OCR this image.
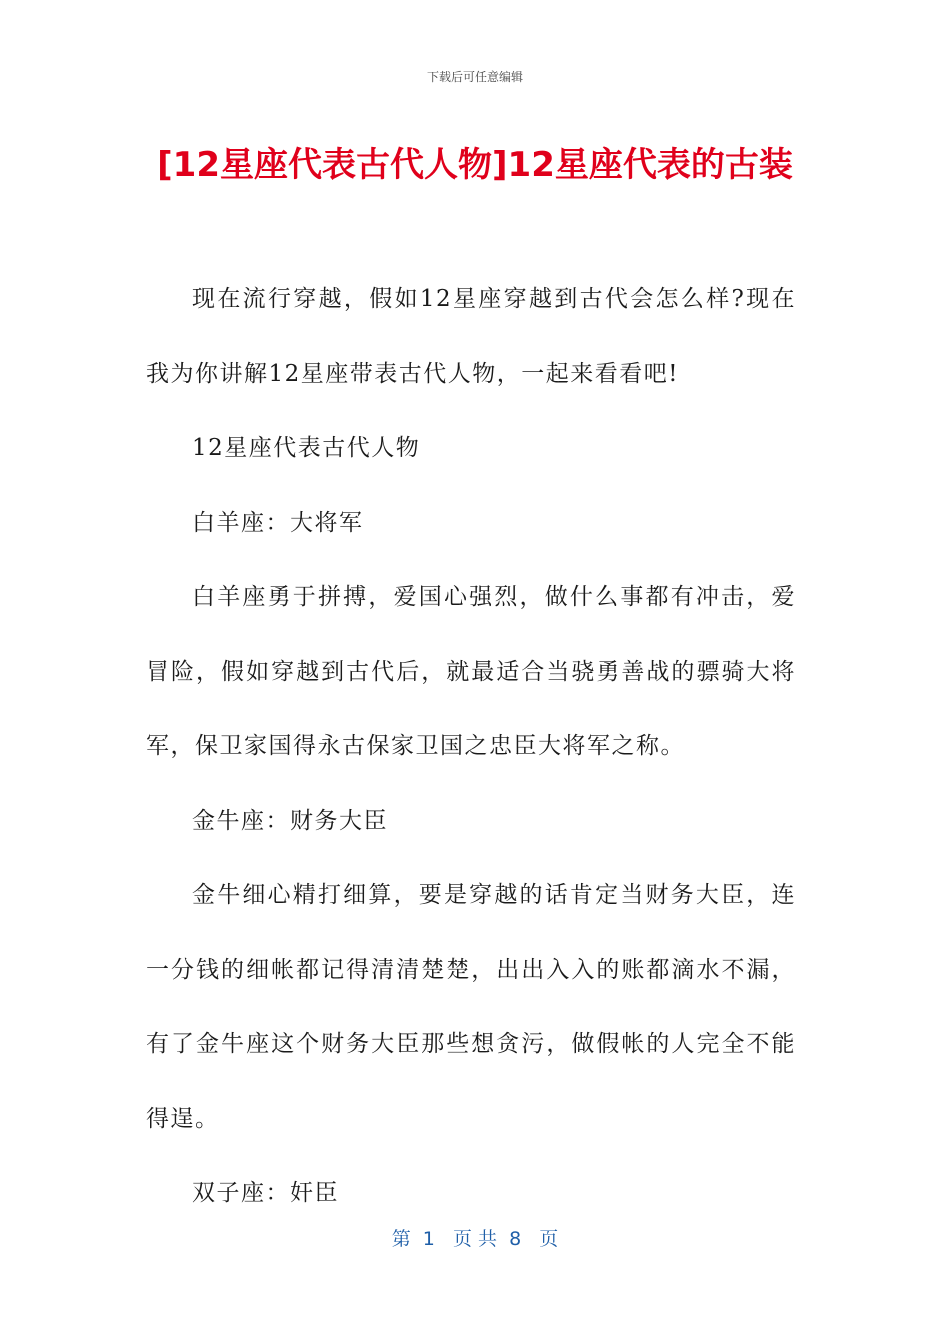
下载后可任意编辑
[12星座代表古代人物]12星座代表的古装

现在流行穿越，假如12星座穿越到古代会怎么样?现在我为你讲解12星座带表古代人物，一起来看看吧!

12星座代表古代人物

白羊座：大将军

白羊座勇于拼搏，爱国心强烈，做什么事都有冲击，爱冒险，假如穿越到古代后，就最适合当骁勇善战的骠骑大将军，保卫家国得永古保家卫国之忠臣大将军之称。

金牛座：财务大臣

金牛细心精打细算，要是穿越的话肯定当财务大臣，连一分钱的细帐都记得清清楚楚，出出入入的账都滴水不漏，有了金牛座这个财务大臣那些想贪污，做假帐的人完全不能得逞。

双子座：奸臣

第  1   页 共  8   页
